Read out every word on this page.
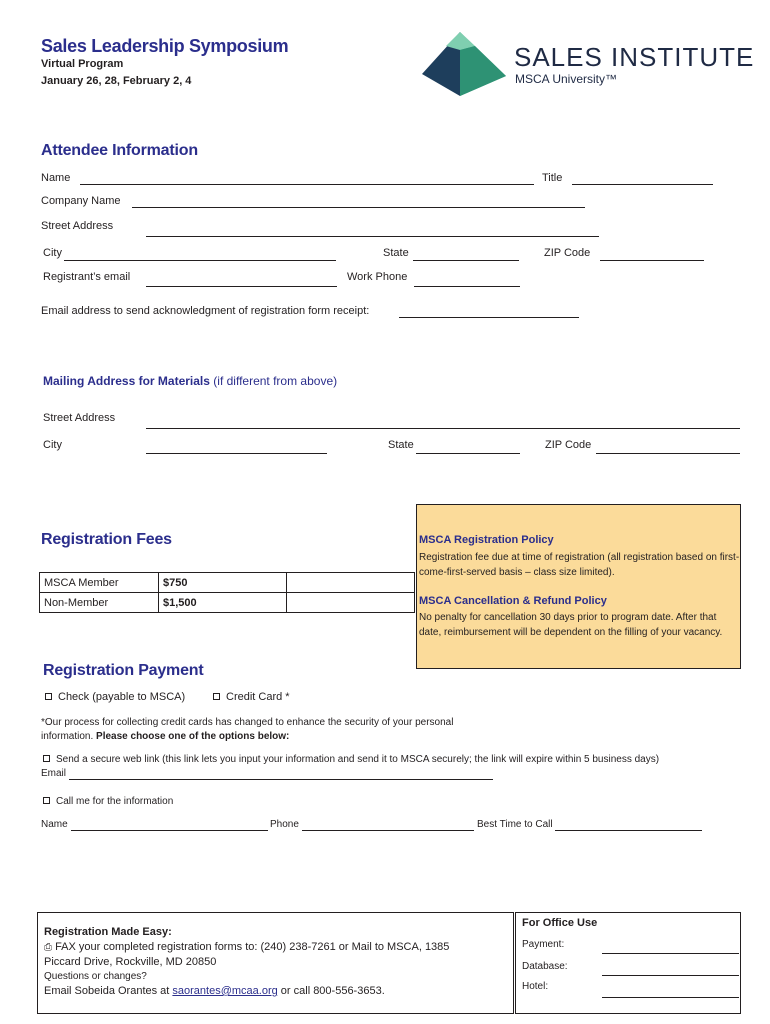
Sales Leadership Symposium
Virtual Program
January 26, 28, February 2, 4
SALES INSTITUTE
MSCA University™
Attendee Information
Name	Title
Company Name
Street Address
City	State	ZIP Code
Registrant’s email	Work Phone
Email address to send acknowledgment of registration form receipt:
Mailing Address for Materials (if different from above)
Street Address
City	State	ZIP Code
Registration Fees
MSCA Member	$750	
Non-Member	$1,500	
MSCA Registration Policy
Registration fee due at time of registration (all registration based on first-come-first-served basis – class size limited).
MSCA Cancellation & Refund Policy
No penalty for cancellation 30 days prior to program date. After that date, reimbursement will be dependent on the filling of your vacancy.
Registration Payment
Check (payable to MSCA)	Credit Card *
*Our process for collecting credit cards has changed to enhance the security of your personal
information. Please choose one of the options below:
Send a secure web link (this link lets you input your information and send it to MSCA securely; the link will expire within 5 business days)
Email
Call me for the information
Name	Phone	Best Time to Call
Registration Made Easy:
⎙ FAX your completed registration forms to: (240) 238-7261 or Mail to MSCA, 1385
Piccard Drive, Rockville, MD 20850
Questions or changes?
Email Sobeida Orantes at saorantes@mcaa.org or call 800-556-3653.
For Office Use
Payment:
Database:
Hotel:
